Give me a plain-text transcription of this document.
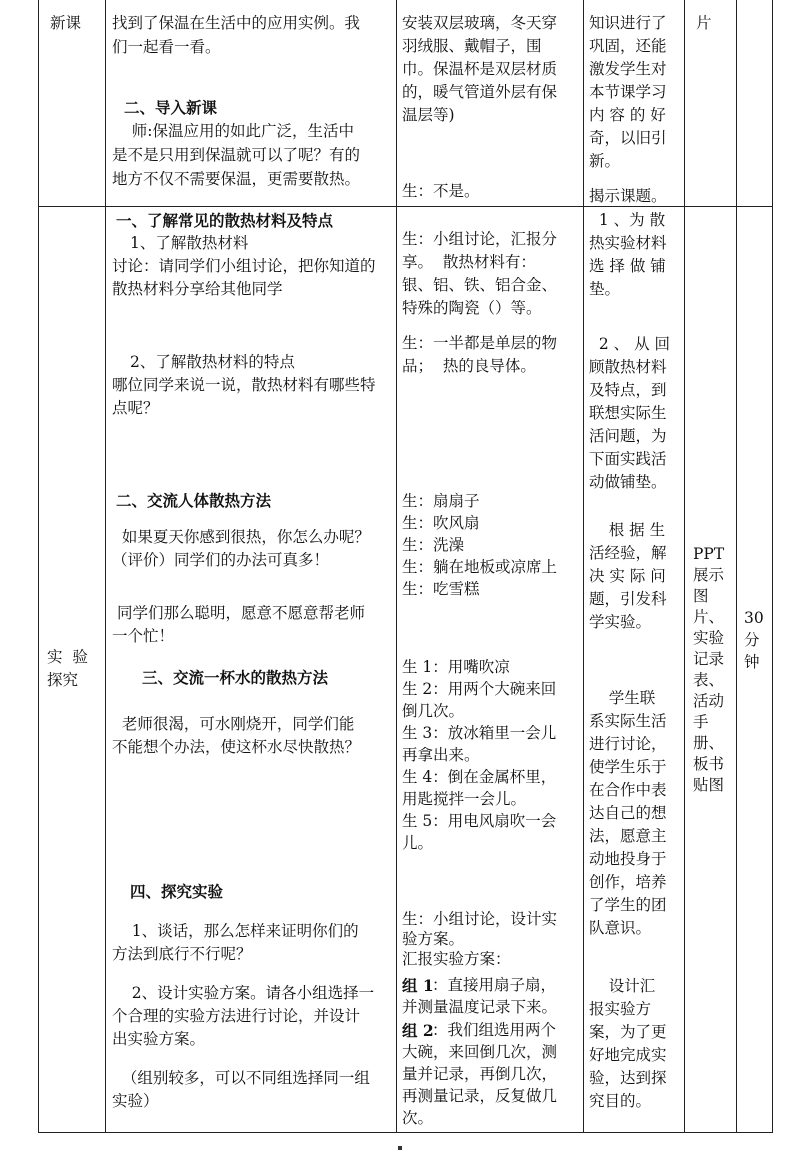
新课 找到了保温在生活中的应用实例。我
们一起看一看。
二、导入新课
师:保温应用的如此广泛，生活中
是不是只用到保温就可以了呢？有的
地方不仅不需要保温，更需要散热。
安装双层玻璃，冬天穿
羽绒服、戴帽子，围
巾。保温杯是双层材质
的，暖气管道外层有保
温层等)
生：不是。
知识进行了
巩固，还能
激发学生对
本节课学习
内 容 的 好
奇，以旧引
新。
揭示课题。
片
实  验
探究
一、了解常见的散热材料及特点
1、了解散热材料
讨论：请同学们小组讨论，把你知道的
散热材料分享给其他同学
2、了解散热材料的特点
哪位同学来说一说，散热材料有哪些特
点呢？
二、交流人体散热方法
如果夏天你感到很热，你怎么办呢？
（评价）同学们的办法可真多！
同学们那么聪明，愿意不愿意帮老师
一个忙！
三、交流一杯水的散热方法
老师很渴，可水刚烧开，同学们能
不能想个办法，使这杯水尽快散热？
四、探究实验
1、谈话，那么怎样来证明你们的
方法到底行不行呢？
2、设计实验方案。请各小组选择一
个合理的实验方法进行讨论，并设计
出实验方案。
（组别较多，可以不同组选择同一组
实验）
生：小组讨论，汇报分
享。  散热材料有：
银、铝、铁、铝合金、
特殊的陶瓷（）等。
生：一半都是单层的物
品；  热的良导体。
生：扇扇子
生：吹风扇
生：洗澡
生：躺在地板或凉席上
生：吃雪糕
生 1：用嘴吹凉
生 2：用两个大碗来回
倒几次。
生 3：放冰箱里一会儿
再拿出来。
生 4：倒在金属杯里，
用匙搅拌一会儿。
生 5：用电风扇吹一会
儿。
生：小组讨论，设计实
验方案。
汇报实验方案：
组 1
：直接用扇子扇，
并测量温度记录下来。
组 2
：我们组选用两个
大碗，来回倒几次，测
量并记录，再倒几次，
再测量记录，反复做几
次。
1 、为 散
热实验材料
选 择 做 铺
垫。
2 、 从 回
顾散热材料
及特点，到
联想实际生
活问题，为
下面实践活
动做铺垫。
根 据 生
活经验，解
决 实 际 问
题，引发科
学实验。
学生联
系实际生活
进行讨论，
使学生乐于
在合作中表
达自己的想
法，愿意主
动地投身于
创作，培养
了学生的团
队意识。
设计汇
报实验方
案，为了更
好地完成实
验，达到探
究目的。
PPT
展示
图
片、
实验
记录
表、
活动
手
册、
板书
贴图
30
分
钟
